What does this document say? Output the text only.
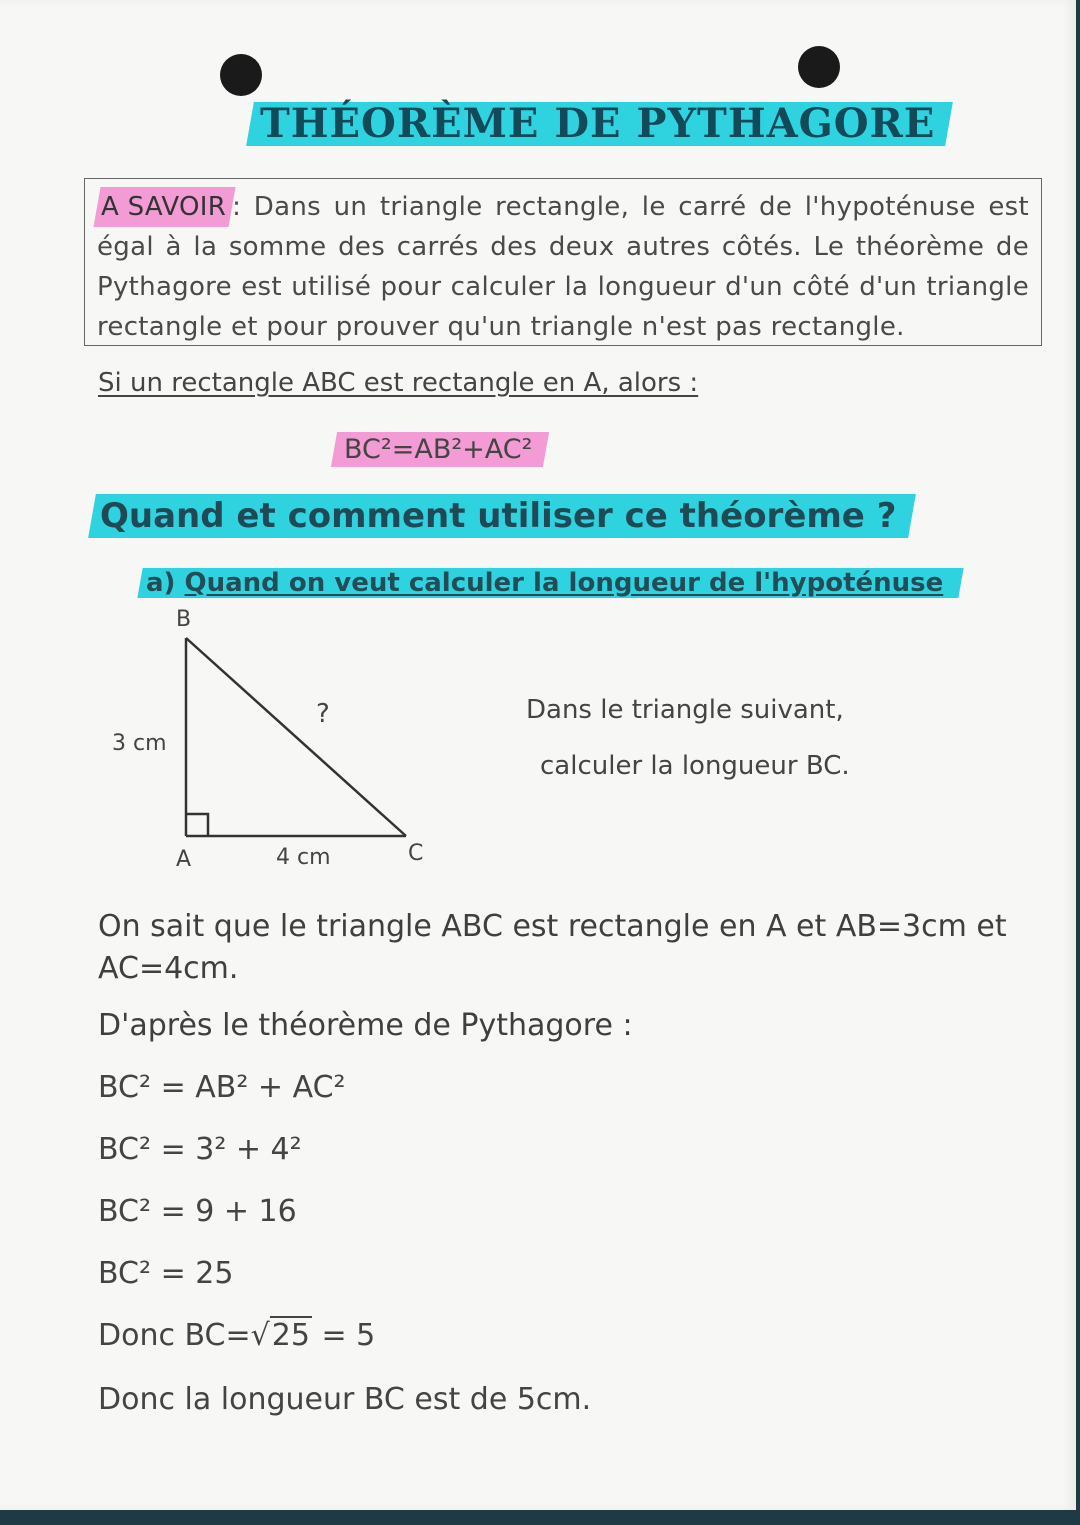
THÉORÈME DE PYTHAGORE

A SAVOIR : Dans un triangle rectangle, le carré de l'hypoténuse est égal à la somme des carrés des deux autres côtés. Le théorème de Pythagore est utilisé pour calculer la longueur d'un côté d'un triangle rectangle et pour prouver qu'un triangle n'est pas rectangle.

Si un rectangle ABC est rectangle en A, alors :
BC²=AB²+AC²
Quand et comment utiliser ce théorème ?
a) Quand on veut calculer la longueur de l'hypoténuse
B
A	C
3 cm
4 cm
?	Dans le triangle suivant,
calculer la longueur BC.
On sait que le triangle ABC est rectangle en A et AB=3cm et AC=4cm.
D'après le théorème de Pythagore :
BC² = AB² + AC²
BC² = 3² + 4²
BC² = 9 + 16
BC² = 25
Donc BC=√25 = 5
Donc la longueur BC est de 5cm.
